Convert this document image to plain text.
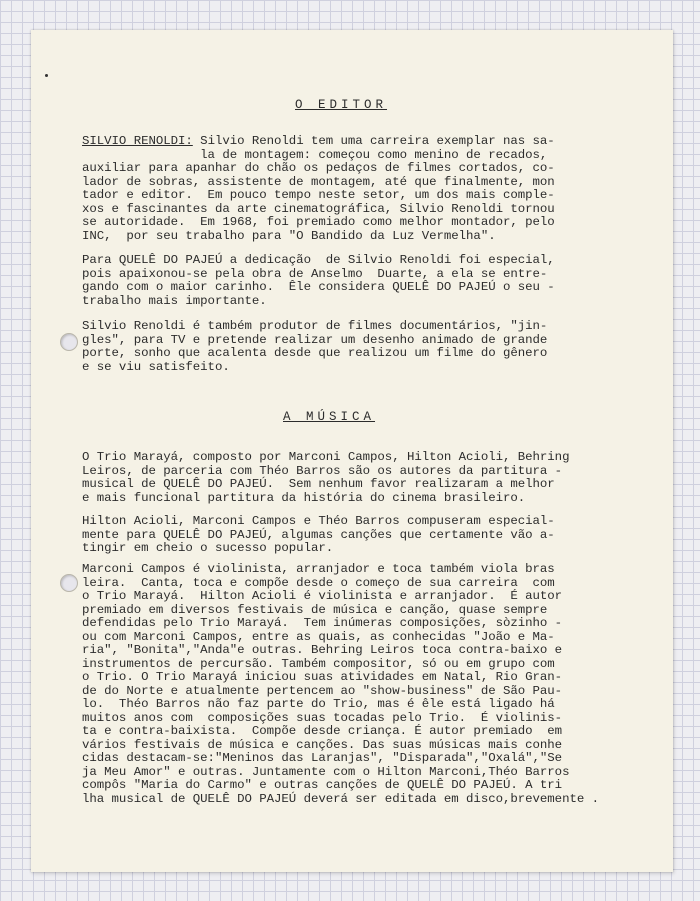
O EDITOR
SILVIO RENOLDI: Silvio Renoldi tem uma carreira exemplar nas sa-
la de montagem: começou como menino de recados,
auxiliar para apanhar do chão os pedaços de filmes cortados, co-
lador de sobras, assistente de montagem, até que finalmente, mon
tador e editor.  Em pouco tempo neste setor, um dos mais comple-
xos e fascinantes da arte cinematográfica, Silvio Renoldi tornou
se autoridade.  Em 1968, foi premiado como melhor montador, pelo
INC,  por seu trabalho para "O Bandido da Luz Vermelha".
Para QUELÊ DO PAJEÚ a dedicação  de Silvio Renoldi foi especial,
pois apaixonou-se pela obra de Anselmo  Duarte, a ela se entre-
gando com o maior carinho.  Êle considera QUELÊ DO PAJEÚ o seu -
trabalho mais importante.
Silvio Renoldi é também produtor de filmes documentários, "jin-
gles", para TV e pretende realizar um desenho animado de grande
porte, sonho que acalenta desde que realizou um filme do gênero
e se viu satisfeito.
A MÚSICA
O Trio Marayá, composto por Marconi Campos, Hilton Acioli, Behring
Leiros, de parceria com Théo Barros são os autores da partitura -
musical de QUELÊ DO PAJEÚ.  Sem nenhum favor realizaram a melhor
e mais funcional partitura da história do cinema brasileiro.
Hilton Acioli, Marconi Campos e Théo Barros compuseram especial-
mente para QUELÊ DO PAJEÚ, algumas canções que certamente vão a-
tingir em cheio o sucesso popular.
Marconi Campos é violinista, arranjador e toca também viola bras
leira.  Canta, toca e compõe desde o começo de sua carreira  com
o Trio Marayá.  Hilton Acioli é violinista e arranjador.  É autor
premiado em diversos festivais de música e canção, quase sempre
defendidas pelo Trio Marayá.  Tem inúmeras composições, sòzinho -
ou com Marconi Campos, entre as quais, as conhecidas "João e Ma-
ria", "Bonita","Anda"e outras. Behring Leiros toca contra-baixo e
instrumentos de percursão. Também compositor, só ou em grupo com
o Trio. O Trio Marayá iniciou suas atividades em Natal, Rio Gran-
de do Norte e atualmente pertencem ao "show-business" de São Pau-
lo.  Théo Barros não faz parte do Trio, mas é êle está ligado há
muitos anos com  composições suas tocadas pelo Trio.  É violinis-
ta e contra-baixista.  Compõe desde criança. É autor premiado  em
vários festivais de música e canções. Das suas músicas mais conhe
cidas destacam-se:"Meninos das Laranjas", "Disparada","Oxalá","Se
ja Meu Amor" e outras. Juntamente com o Hilton Marconi,Théo Barros
compôs "Maria do Carmo" e outras canções de QUELÊ DO PAJEÚ. A tri
lha musical de QUELÊ DO PAJEÚ deverá ser editada em disco,brevemente .
